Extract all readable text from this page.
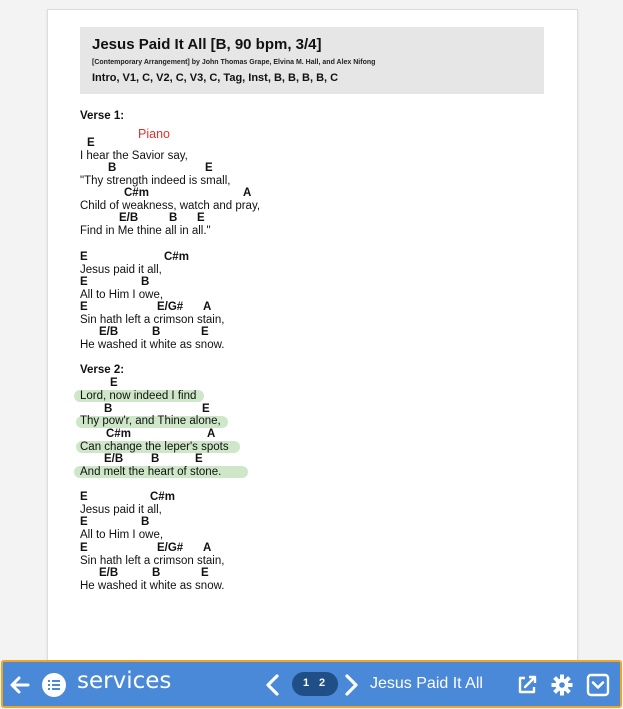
Jesus Paid It All [B, 90 bpm, 3/4]
[Contemporary Arrangement] by John Thomas Grape, Elvina M. Hall, and Alex Nifong
Intro, V1, C, V2, C, V3, C, Tag, Inst, B, B, B, B, C
Verse 1:
Piano
E
I hear the Savior say,
B	E
"Thy strength indeed is small,
C#m	A
Child of weakness, watch and pray,
E/B	B E
Find in Me thine all in all."
E	C#m
Jesus paid it all,
E	B
All to Him I owe,
E	E/G# A
Sin hath left a crimson stain,
E/B	B	E
He washed it white as snow.
Verse 2:
E
Lord, now indeed I find
B	E
Thy pow'r, and Thine alone,
C#m	A
Can change the leper's spots
E/B B	E
And melt the heart of stone.
E	C#m
Jesus paid it all,
E	B
All to Him I owe,
E	E/G# A
Sin hath left a crimson stain,
E/B	B	E
He washed it white as snow.
services	1 2	Jesus Paid It All
